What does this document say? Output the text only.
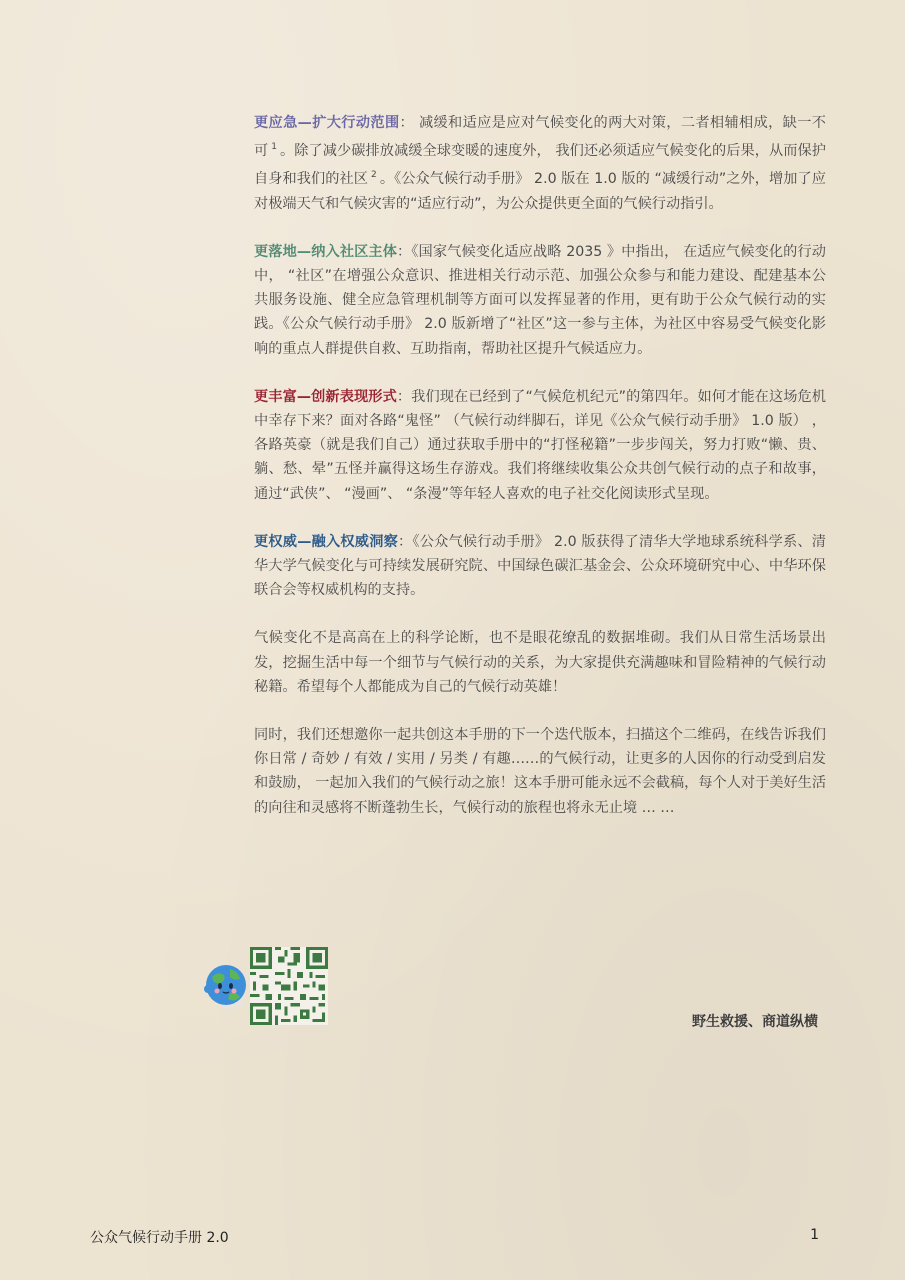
更应急—扩大行动范围： 减缓和适应是应对气候变化的两大对策，二者相辅相成，缺一不可 $^1$ 。除了减少碳排放减缓全球变暖的速度外， 我们还必须适应气候变化的后果，从而保护自身和我们的社区 $^2$ 。《公众气候行动手册》 2.0 版在 1.0 版的 “减缓行动”之外，增加了应对极端天气和气候灾害的“适应行动”，为公众提供更全面的气候行动指引。

更落地—纳入社区主体：《国家气候变化适应战略 2035 》中指出， 在适应气候变化的行动中， “社区”在增强公众意识、推进相关行动示范、加强公众参与和能力建设、配建基本公共服务设施、健全应急管理机制等方面可以发挥显著的作用，更有助于公众气候行动的实践。《公众气候行动手册》 2.0 版新增了“社区”这一参与主体，为社区中容易受气候变化影响的重点人群提供自救、互助指南，帮助社区提升气候适应力。

更丰富—创新表现形式：我们现在已经到了“气候危机纪元”的第四年。如何才能在这场危机中幸存下来？面对各路“鬼怪” （气候行动绊脚石，详见《公众气候行动手册》 1.0 版） ，各路英豪（就是我们自己）通过获取手册中的“打怪秘籍”一步步闯关，努力打败“懒、贵、躺、愁、晕”五怪并赢得这场生存游戏。我们将继续收集公众共创气候行动的点子和故事，通过“武侠”、 “漫画”、 “条漫”等年轻人喜欢的电子社交化阅读形式呈现。

更权威—融入权威洞察：《公众气候行动手册》 2.0 版获得了清华大学地球系统科学系、清华大学气候变化与可持续发展研究院、中国绿色碳汇基金会、公众环境研究中心、中华环保联合会等权威机构的支持。

气候变化不是高高在上的科学论断，也不是眼花缭乱的数据堆砌。我们从日常生活场景出发，挖掘生活中每一个细节与气候行动的关系，为大家提供充满趣味和冒险精神的气候行动秘籍。希望每个人都能成为自己的气候行动英雄！

同时，我们还想邀你一起共创这本手册的下一个迭代版本，扫描这个二维码，在线告诉我们你日常 / 奇妙 / 有效 / 实用 / 另类 / 有趣……的气候行动，让更多的人因你的行动受到启发和鼓励， 一起加入我们的气候行动之旅！这本手册可能永远不会截稿，每个人对于美好生活的向往和灵感将不断蓬勃生长，气候行动的旅程也将永无止境 … …

野生救援、商道纵横
公众气候行动手册 2.0	1
